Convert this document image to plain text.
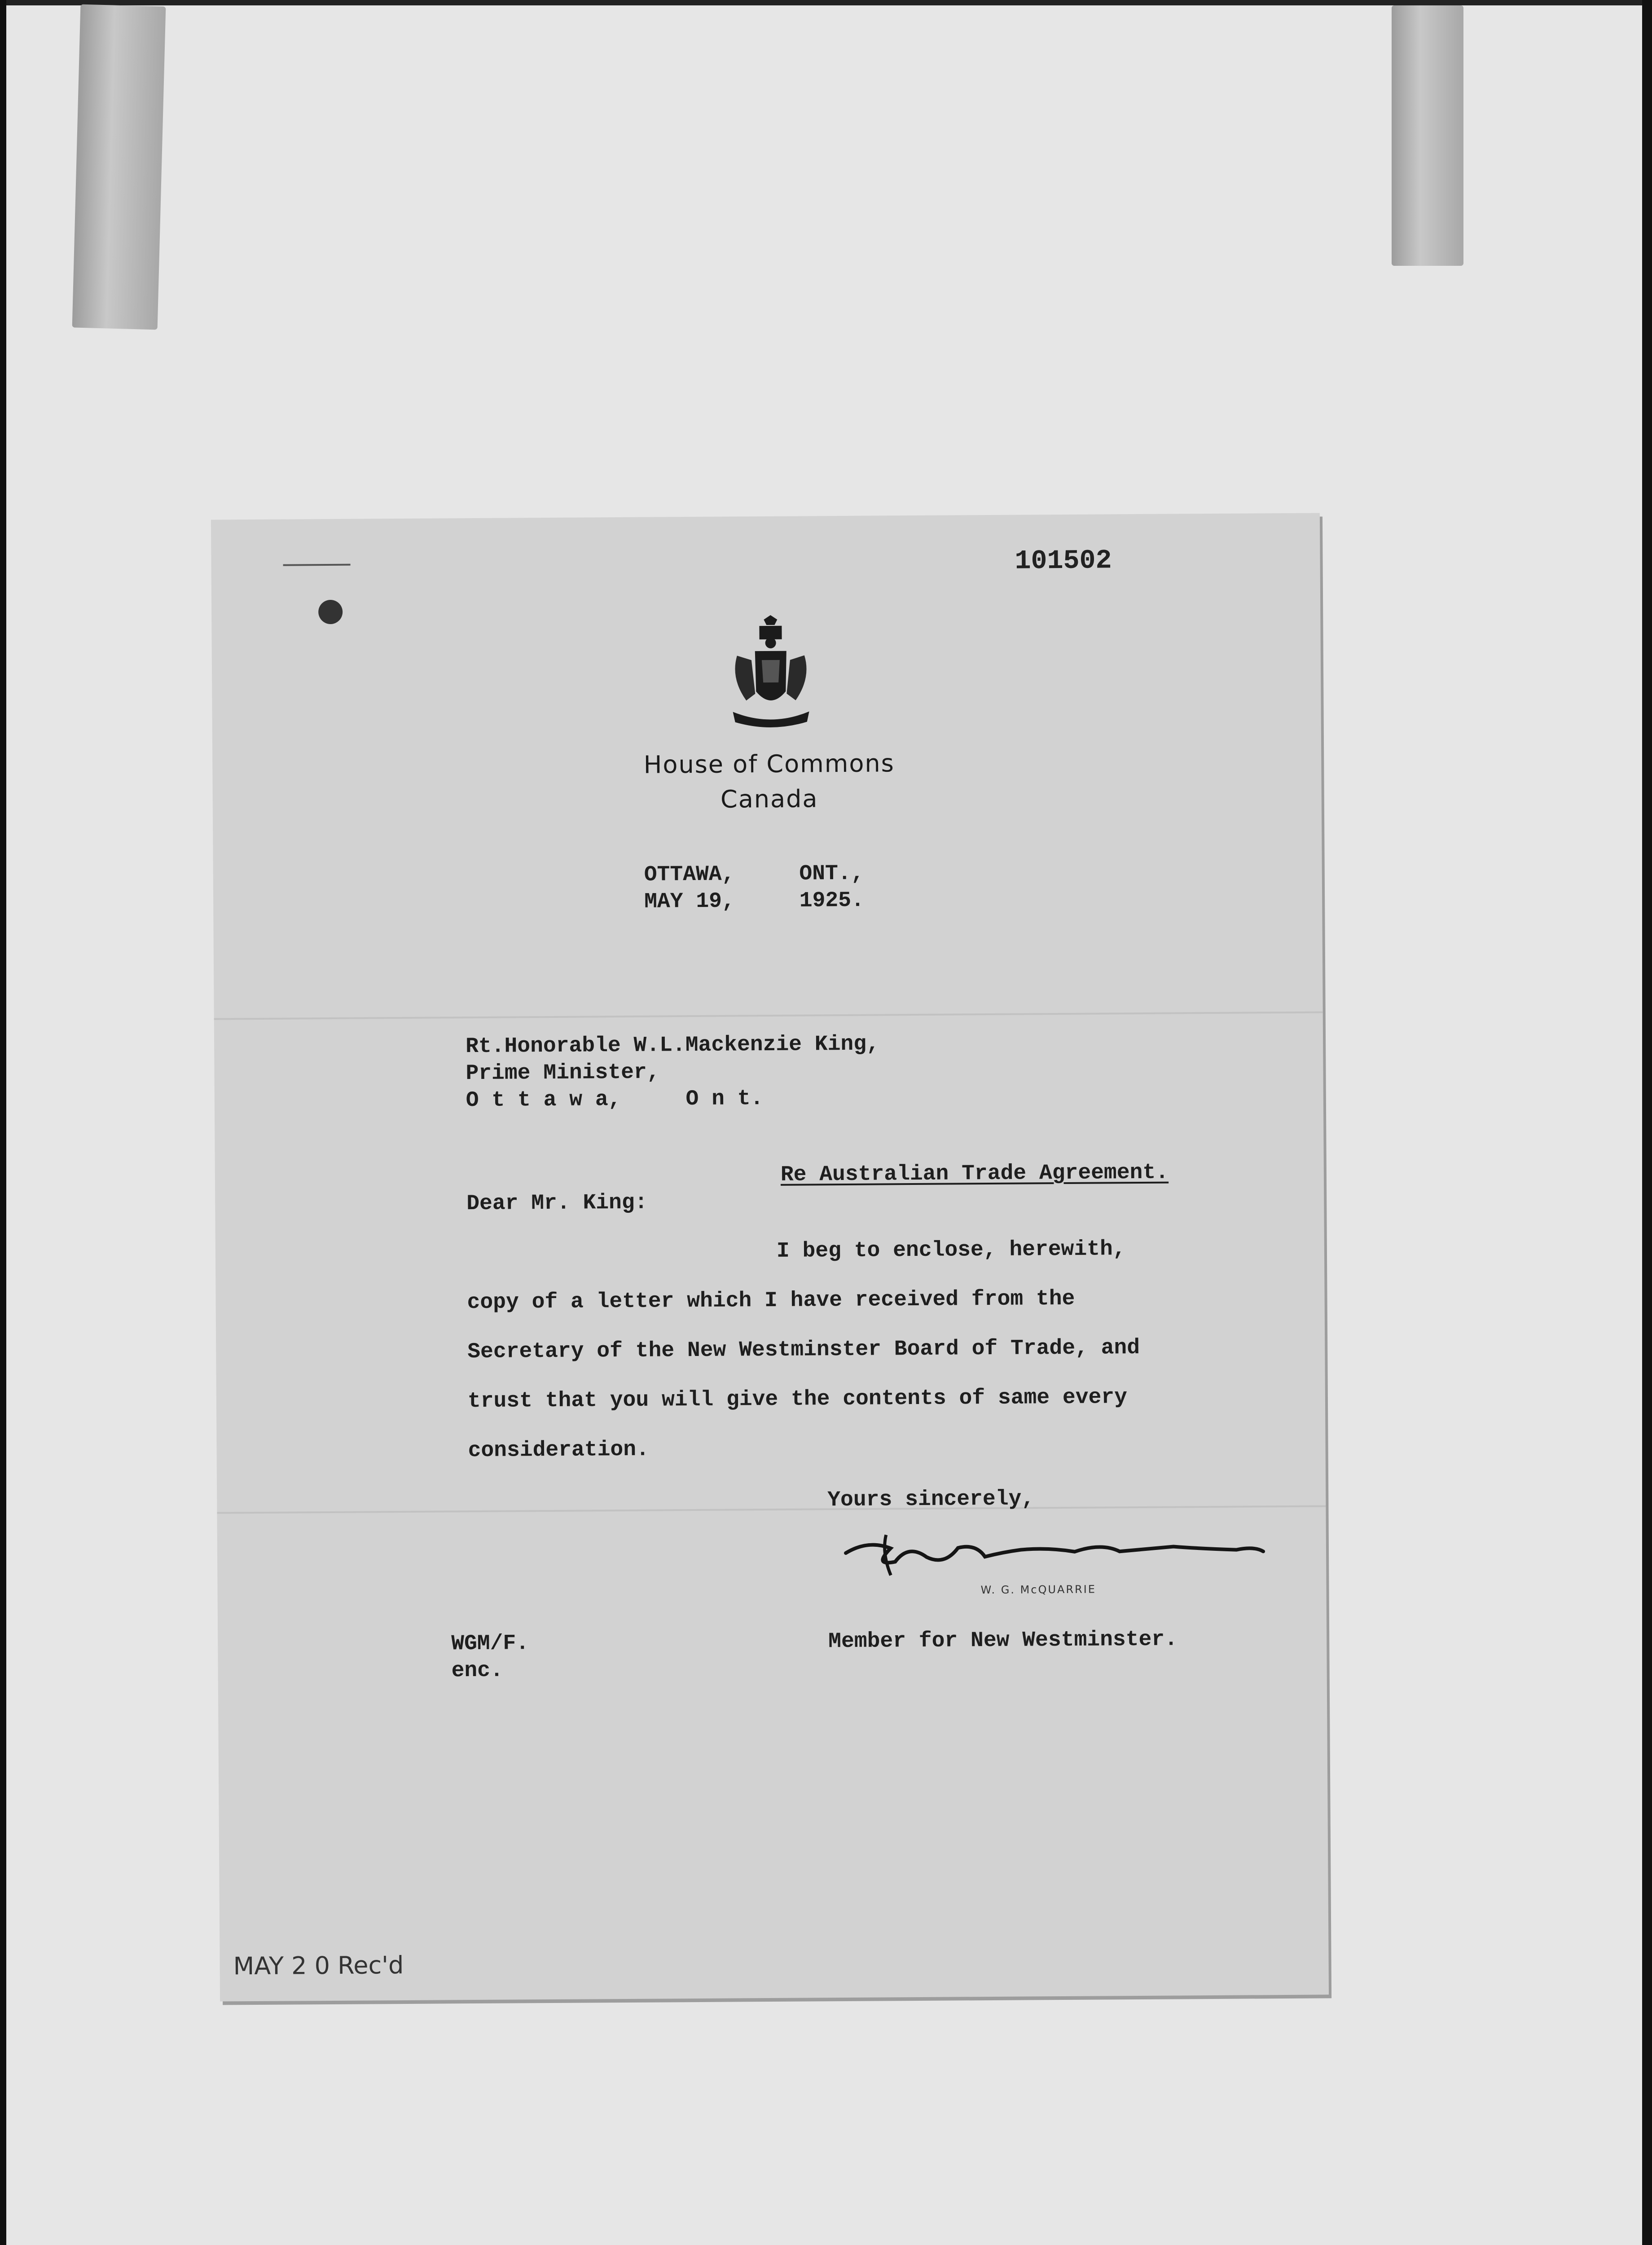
101502
House of Commons
Canada
OTTAWA,     ONT.,
MAY 19,     1925.
Rt.Honorable W.L.Mackenzie King,
Prime Minister,
O t t a w a,     O n t.
Re Australian Trade Agreement.
Dear Mr. King:
I beg to enclose, herewith,
copy of a letter which I have received from the
Secretary of the New Westminster Board of Trade, and
trust that you will give the contents of same every
consideration.
Yours sincerely,
W. G. McQUARRIE
WGM/F.
enc.
Member for New Westminster.
MAY 2 0 Rec'd
